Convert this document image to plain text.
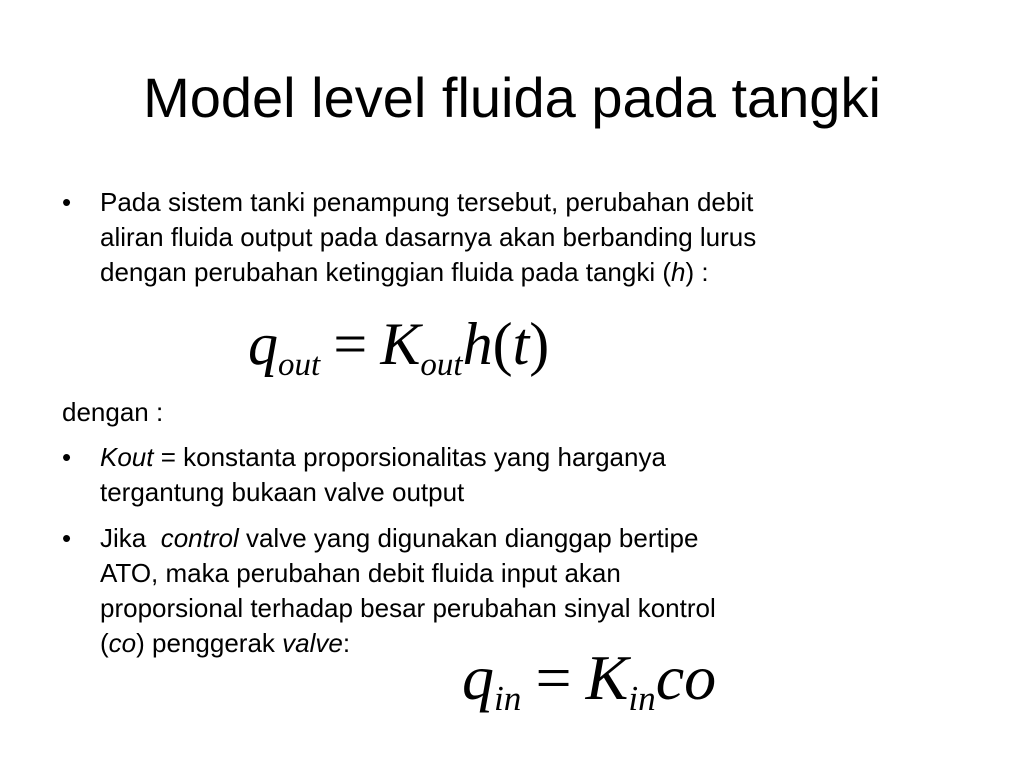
Model level fluida pada tangki
• Pada sistem tanki penampung tersebut, perubahan debit
aliran fluida output pada dasarnya akan berbanding lurus
dengan perubahan ketinggian fluida pada tangki (h) :
qout = Kouth(t)
dengan :
• Kout = konstanta proporsionalitas yang harganya
tergantung bukaan valve output
• Jika  control valve yang digunakan dianggap bertipe
ATO, maka perubahan debit fluida input akan
proporsional terhadap besar perubahan sinyal kontrol
(co) penggerak valve:	qin = Kinco
